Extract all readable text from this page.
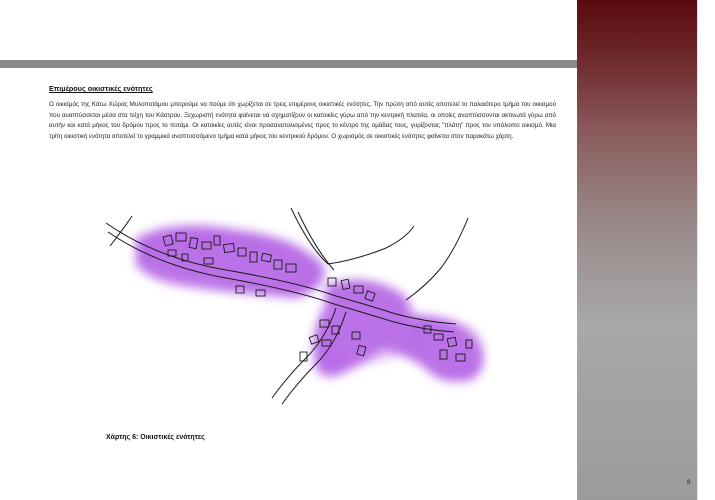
Επιμέρους οικιστικές ενότητες

Ο οικισμός της Κάτω Χώρας Μυλοποτάμου μπορούμε να πούμε ότι χωρίζεται σε τρεις επιμέρους οικιστικές ενότητες. Την πρώτη από αυτές αποτελεί το παλαιότερο τμήμα του οικισμού που αναπτύσσεται μέσα στα τείχη του Κάστρου. Ξεχωριστή ενότητα φαίνεται να σχηματίζουν οι κατοικίες γύρω από την κεντρική πλατεία, οι οποίες αναπτύσσονται ακτινωτά γύρω από αυτήν και κατά μήκος του δρόμου προς το ποτάμι. Οι κατοικίες αυτές είναι προσανατολισμένες προς το κέντρο της ομάδας τους, γυρίζοντας "πλάτη" προς τον υπόλοιπο οικισμό. Μια τρίτη οικιστική ενότητα αποτελεί το γραμμικά αναπτυσσόμενο τμήμα κατά μήκος του κεντρικού δρόμου. Ο χωρισμός σε οικιστικές ενότητες φαίνεται στον παρακάτω χάρτη.

Χάρτης 6: Οικιστικές ενότητες

8
